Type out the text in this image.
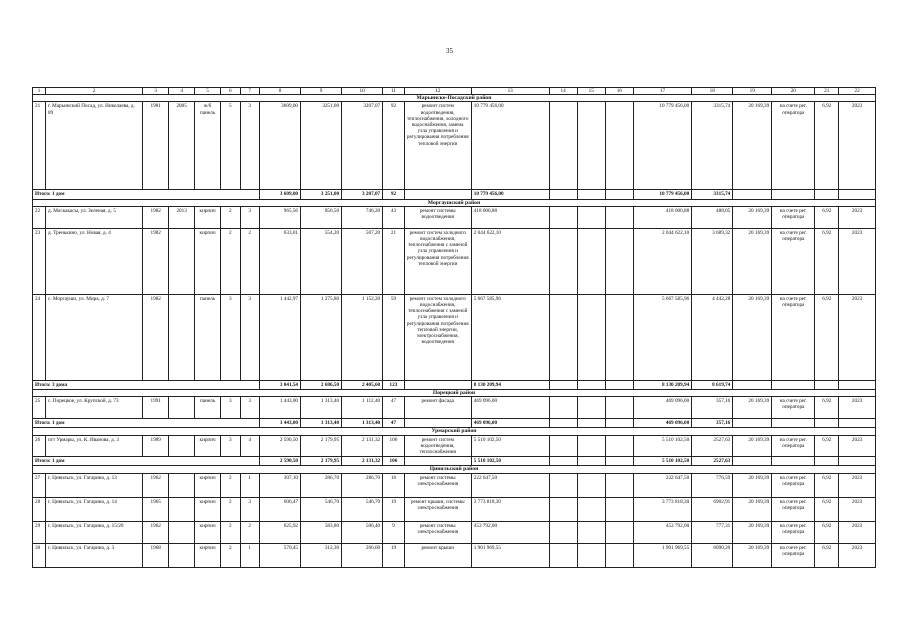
35
1	2	3	4	5	6	7	8	9	10	11	12	13	14	15	16	17	18	19	20	21	22
Марьинско-Посадский район																					
21	г. Марьинский Посад, ул. Николаева, д. 89	1981	2005	ж/б панель	5	3	3609,00	3251,00	3207,07	92	ремонт систем водоотведения, теплоснабжения, холодного водоснабжения, замена узла управления и регулирования потребления тепловой энергии	10 779 456,00				10 779 456,00	3315,74	20 169,39	на счете рег. оператора	6,92	2023
Итого: 1 дом							3 609,00	3 251,00	3 207,07	92		10 779 456,00				10 779 456,00	3315,74				
Моргаушский район																					
22	д. Москакасы, ул. Зеленая, д. 5	1982	2013	кирпич	2	3	965,56	856,50	746,20	43	ремонт системы водоотведения	418 000,88				418 000,88	488,05	20 169,39	на счете рег. оператора	6,92	2023
23	д. Тренькино, ул. Новая, д. 4	1982		кирпич	2	2	633,01	554,20	507,20	21	ремонт систем холодного водоснабжения, теплоснабжения с заменой узла управления и регулирования потребления тепловой энергии	2 044 622,10				2 044 622,10	3 689,32	20 169,39	на счете рег. оператора	6,92	2023
24	с. Моргауши, ул. Мира, д. 7	1982		панель	3	3	1 442,97	1 275,80	1 152,20	59	ремонт систем холодного водоснабжения, теплоснабжения с заменой узла управления и регулирования потребления тепловой энергии, электроснабжения, водоотведения	5 667 585,96				5 667 585,96	4 442,28	20 169,39	на счете рег. оператора	6,92	2023
Итого: 3 дома							3 041,54	2 686,50	2 405,60	123		8 130 209,94				8 130 209,94	8 619,74				
Порецкий район																					
25	с. Порецкое, ул. Крупской, д. 73	1991		панель	3	3	1 443,00	1 313,40	1 112,40	47	ремонт фасада	469 096,00				469 096,00	357,16	20 169,39	на счете рег. оператора	6,92	2023
Итого: 1 дом							1 443,00	1 313,40	1 313,40	47		469 096,00				469 096,00	357,16				
Урмарский район																					
26	пгт Урмары, ул. К. Иванова, д. 3	1989		кирпич	3	4	2 590,50	2 179,95	2 131,32	106	ремонт систем водоотведения, теплоснабжения	5 510 102,50				5 510 102,50	2527,63	20 169,39	на счете рег. оператора	6,92	2023
Итого: 1 дом							2 590,50	2 179,95	2 131,32	106		5 510 102,50				5 510 102,50	2527,63				
Цивильский район																					
27	г. Цивильск, ул. Гагарина, д. 13	1962		кирпич	2	1	307,10	286,70	286,70	16	ремонт системы электроснабжения	222 647,50				222 647,50	776,59	20 169,39	на счете рег. оператора	6,92	2023
28	г. Цивильск, ул. Гагарина, д. 14	1965		кирпич	2	3	606,47	546,70	546,70	19	ремонт крыши, системы электроснабжения	3 773 818,30				3 773 818,30	6902,91	20 169,39	на счете рег. оператора	6,92	2023
29	г. Цивильск, ул. Гагарина, д. 15/20	1962		кирпич	2	2	625,92	583,80	506,40	9	ремонт системы электроснабжения	453 792,00				453 792,00	777,31	20 169,39	на счете рег. оператора	6,92	2023
30	г. Цивильск, ул. Гагарина, д. 3	1968		кирпич	2	1	570,45	312,30	266,60	19	ремонт крыши	1 901 969,55				1 901 969,55	6090,20	20 169,39	на счете рег. оператора	6,92	2023
